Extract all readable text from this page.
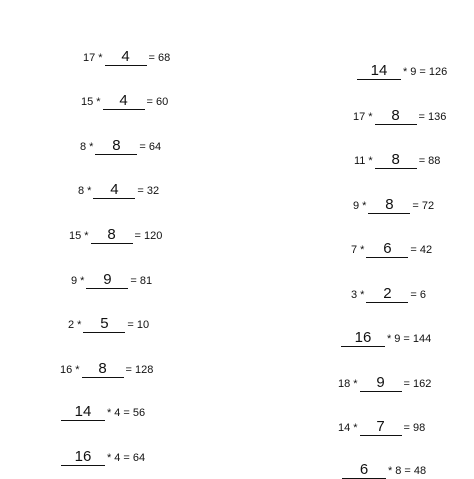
17 *	4	= 68
15 *	4	= 60
8 *	8	= 64
8 *	4	= 32
15 *	8	= 120
9 *	9	= 81
2 *	5	= 10
16 *	8	= 128
14	* 4 = 56
16	* 4 = 64
14	* 9 = 126
17 *	8	= 136
11 *	8	= 88
9 *	8	= 72
7 *	6	= 42
3 *	2	= 6
16	* 9 = 144
18 *	9	= 162
14 *	7	= 98
6	* 8 = 48
